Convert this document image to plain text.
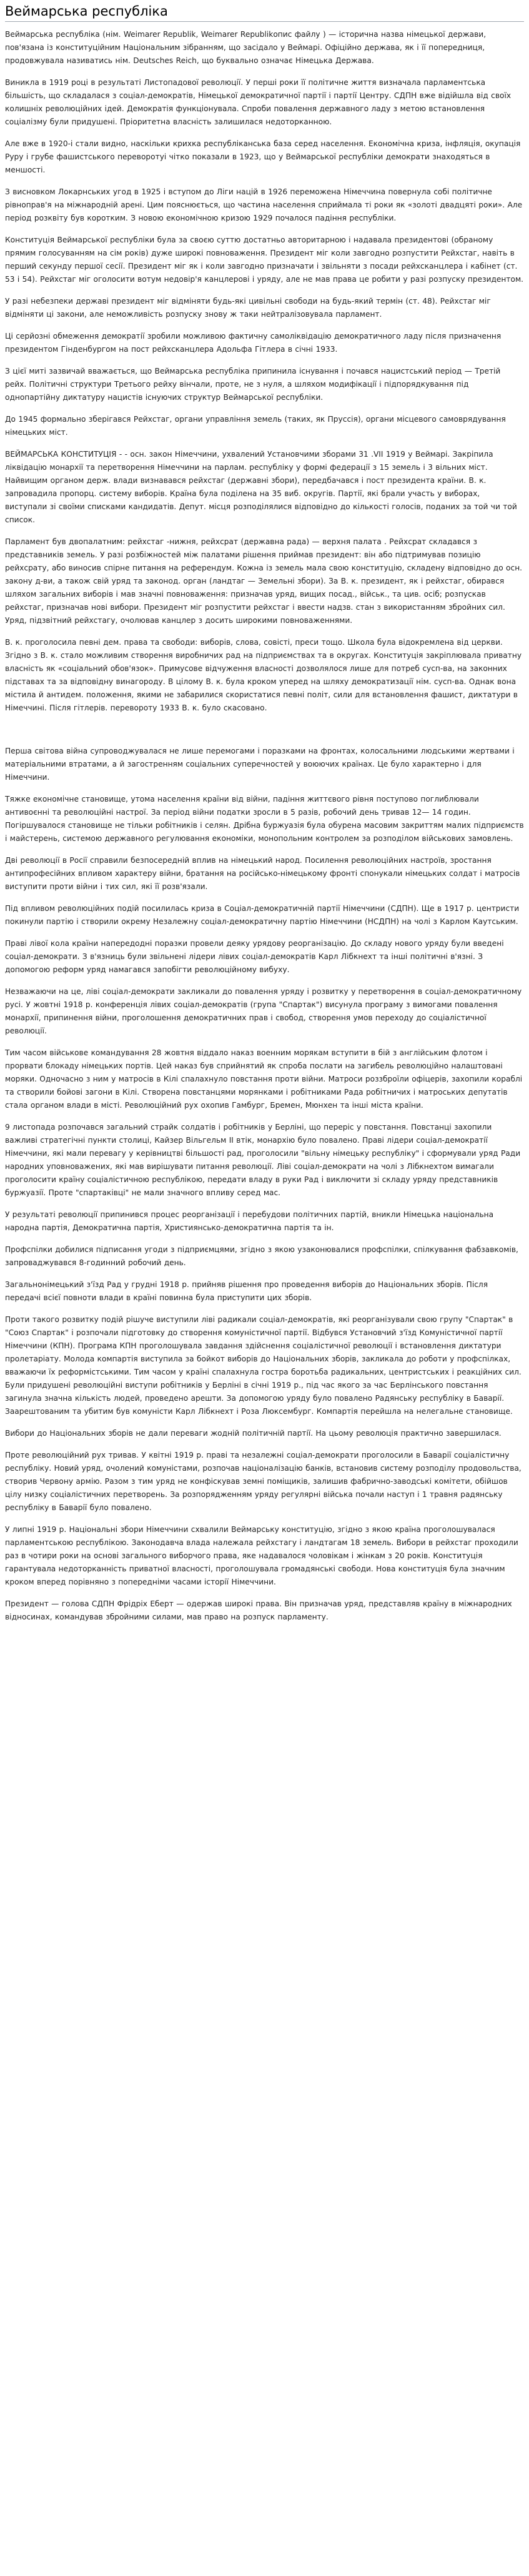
Веймарська республіка

Веймарська республіка (нім. Weimarer Republik, Weimarer Republikопис файлу ) — історична назва німецької держави, пов'язана із конституційним Національним зібранням, що засідало у Веймарі. Офіційно держава, як і її попередниця, продовжувала називатись нім. Deutsches Reich, що буквально означає Німецька Держава.

Виникла в 1919 році в результаті Листопадової революції. У перші роки її політичне життя визначала парламентська більшість, що складалася з соціал-демократів, Німецької демократичної партії і партії Центру. СДПН вже відійшла від своїх колишніх революційних ідей. Демократія функціонувала. Спроби повалення державного ладу з метою встановлення соціалізму були придушені. Пріоритетна власність залишилася недоторканною.

Але вже в 1920-і стали видно, наскільки крихка республіканська база серед населення. Економічна криза, інфляція, окупація Руру і грубе фашистського переворотуі чітко показали в 1923, що у Веймарської республіки демократи знаходяться в меншості.

З висновком Локарнських угод в 1925 і вступом до Ліги націй в 1926 переможена Німеччина повернула собі політичне рівноправ'я на міжнародній арені. Цим пояснюється, що частина населення сприймала ті роки як «золоті двадцяті роки». Але період розквіту був коротким. З новою економічною кризою 1929 почалося падіння республіки.

Конституція Веймарської республіки була за своєю суттю достатньо авторитарною і надавала президентові (обраному прямим голосуванням на сім років) дуже широкі повноваження. Президент міг коли завгодно розпустити Рейхстаг, навіть в перший секунду першої сесії. Президент міг як і коли завгодно призначати і звільняти з посади рейхсканцлера і кабінет (ст. 53 і 54). Рейхстаг міг оголосити вотум недовір'я канцлерові і уряду, але не мав права це робити у разі розпуску президентом.

У разі небезпеки державі президент міг відміняти будь-які цивільні свободи на будь-який термін (ст. 48). Рейхстаг міг відміняти ці закони, але неможливість розпуску знову ж таки нейтралізовувала парламент.

Ці серйозні обмеження демократії зробили можливою фактичну самоліквідацію демократичного ладу після призначення президентом Гінденбургом на пост рейхсканцлера Адольфа Гітлера в січні 1933.

З цієї миті зазвичай вважається, що Веймарська республіка припинила існування і почався нацистський період — Третій рейх. Політичні структури Третього рейху вінчали, проте, не з нуля, а шляхом модифікації і підпорядкування під однопартійну диктатуру нацистів існуючих структур Веймарської республіки.

До 1945 формально зберігався Рейхстаг, органи управління земель (таких, як Пруссія), органи місцевого самоврядування німецьких міст.

ВЕЙМАРСЬКА КОНСТИТУЦІЯ - - осн. закон Німеччини, ухвалений Установчими зборами 31 .VII 1919 у Веймарі. Закріпила ліквідацію монархії та перетворення Німеччини на парлам. республіку у формі федерації з 15 земель і 3 вільних міст. Найвищим органом держ. влади визнавався рейхстаг (державні збори), передбачався і пост президента країни. В. к. запровадила пропорц. систему виборів. Країна була поділена на 35 виб. округів. Партії, які брали участь у виборах, виступали зі своїми списками кандидатів. Депут. місця розподілялися відповідно до кількості голосів, поданих за той чи той список.

Парламент був двопалатним: рейхстаг -нижня, рейхсрат (державна рада) — верхня палата . Рейхсрат складався з представників земель. У разі розбіжностей між палатами рішення приймав президент: він або підтримував позицію рейхсрату, або виносив спірне питання на референдум. Кожна із земель мала свою конституцію, складену відповідно до осн. закону д-ви, а також свій уряд та законод. орган (ландтаг — Земельні збори). За В. к. президент, як і рейхстаг, обирався шляхом загальних виборів і мав значні повноваження: призначав уряд, вищих посад., військ., та цив. осіб; розпускав рейхстаг, призначав нові вибори. Президент міг розпустити рейхстаг і ввести надзв. стан з використанням збройних сил. Уряд, підзвітний рейхстагу, очолював канцлер з досить широкими повноваженнями.

В. к. проголосила певні дем. права та свободи: виборів, слова, совісті, преси тощо. Школа була відокремлена від церкви. Згідно з В. к. стало можливим створення виробничих рад на підприємствах та в округах. Конституція закріплювала приватну власність як «соціальний обов'язок». Примусове відчуження власності дозволялося лише для потреб сусп-ва, на законних підставах та за відповідну винагороду. В цілому В. к. була кроком уперед на шляху демократизації нім. сусп-ва. Однак вона містила й антидем. положення, якими не забарилися скористатися певні політ, сили для встановлення фашист, диктатури в Німеччині. Після гітлерів. перевороту 1933 В. к. було скасовано.

Перша світова війна супроводжувалася не лише перемогами і поразками на фронтах, колосальними людськими жертвами і матеріальними втратами, а й загостренням соціальних суперечностей у воюючих країнах. Це було характерно і для Німеччини.

Тяжке економічне становище, утома населення країни від війни, падіння життєвого рівня поступово поглиблювали антивоєнні та революційні настрої. За період війни податки зросли в 5 разів, робочий день тривав 12— 14 годин. Погіршувалося становище не тільки робітників і селян. Дрібна буржуазія була обурена масовим закриттям малих підприємств і майстерень, системою державного регулювання економіки, монопольним контролем за розподілом військових замовлень.

Дві революції в Росії справили безпосередній вплив на німецький народ. Посилення революційних настроїв, зростання антипрофесійних впливом характеру війни, братання на російсько-німецькому фронті спонукали німецьких солдат і матросів виступити проти війни і тих сил, які її розв'язали.

Під впливом революційних подій посилилась криза в Соціал-демократичній партії Німеччини (СДПН). Ще в 1917 р. центристи покинули партію і створили окрему Незалежну соціал-демократичну партію Німеччини (НСДПН) на чолі з Карлом Каутським.

Праві лівої кола країни напередодні поразки провели деяку урядову реорганізацію. До складу нового уряду були введені соціал-демократи. З в'язниць були звільнені лідери лівих соціал-демократів Карл Лібкнехт та інші політичні в'язні. З допомогою реформ уряд намагався запобігти революційному вибуху.

Незважаючи на це, ліві соціал-демократи закликали до повалення уряду і розвитку у перетворення в соціал-демократичному русі. У жовтні 1918 р. конференція лівих соціал-демократів (група "Спартак") висунула програму з вимогами повалення монархії, припинення війни, проголошення демократичних прав і свобод, створення умов переходу до соціалістичної революції.

Тим часом військове командування 28 жовтня віддало наказ военним морякам вступити в бій з англійським флотом і прорвати блокаду німецьких портів. Цей наказ був сприйнятий як спроба послати на загибель революційно налаштовані моряки. Одночасно з ним у матросів в Кілі спалахнуло повстання проти війни. Матроси роззброїли офіцерів, захопили кораблі та створили бойові загони в Кілі. Створена повстанцями морянками і робітниками Рада робітничих і матроських депутатів стала органом влади в місті. Революційний рух охопив Гамбург, Бремен, Мюнхен та інші міста країни.

9 листопада розпочався загальний страйк солдатів і робітників у Берліні, що переріс у повстання. Повстанці захопили важливі стратегічні пункти столиці, Кайзер Вільгельм II втік, монархію було повалено. Праві лідери соціал-демократії Німеччини, які мали перевагу у керівництві більшості рад, проголосили "вільну німецьку республіку" і сформували уряд Ради народних уповноважених, які мав вирішувати питання революції. Ліві соціал-демократи на чолі з Лібкнехтом вимагали проголосити країну соціалістичною республікою, передати владу в руки Рад і виключити зі складу уряду представників буржуазії. Проте "спартаківці" не мали значного впливу серед мас.

У результаті революції припинився процес реорганізації і перебудови політичних партій, вникли Німецька національна народна партія, Демократична партія, Християнсько-демократична партія та ін.

Профспілки добилися підписання угоди з підприємцями, згідно з якою узаконювалися профспілки, спілкування фабзавкомів, запроваджувався 8-годинний робочий день.

Загальнонімецький з'їзд Рад у грудні 1918 р. прийняв рішення про проведення виборів до Національних зборів. Після передачі всієї повноти влади в країні повинна була приступити цих зборів.

Проти такого розвитку подій рішуче виступили ліві радикали соціал-демократів, які реорганізували свою групу "Спартак" в "Союз Спартак" і розпочали підготовку до створення комуністичної партії. Відбувся Установчий з'їзд Комуністичної партії Німеччини (КПН). Програма КПН проголошувала завдання здійснення соціалістичної революції і встановлення диктатури пролетаріату. Молода компартія виступила за бойкот виборів до Національних зборів, закликала до роботи у профспілках, вважаючи їх реформістськими. Тим часом у країні спалахнула гостра боротьба радикальних, центристських і реакційних сил. Були придушені революційні виступи робітників у Берліні в січні 1919 р., під час якого за час Берлінського повстання загинула значна кількість людей, проведено арешти. За допомогою уряду було повалено Радянську республіку в Баварії. Заарештованим та убитим був комуністи Карл Лібкнехт і Роза Люксембург. Компартія перейшла на нелегальне становище.

Вибори до Національних зборів не дали переваги жодній політичній партії. На цьому революція практично завершилася.

Проте революційний рух тривав. У квітні 1919 р. праві та незалежні соціал-демократи проголосили в Баварії соціалістичну республіку. Новий уряд, очолений комуністами, розпочав націоналізацію банків, встановив систему розподілу продовольства, створив Червону армію. Разом з тим уряд не конфіскував земні поміщиків, залишив фабрично-заводські комітети, обійшов цілу низку соціалістичних перетворень. За розпорядженням уряду регулярні війська почали наступ і 1 травня радянську республіку в Баварії було повалено.

У липні 1919 р. Національні збори Німеччини схвалили Веймарську конституцію, згідно з якою країна проголошувалася парламентською республікою. Законодавча влада належала рейхстагу і ландтагам 18 земель. Вибори в рейхстаг проходили раз в чотири роки на основі загального виборчого права, яке надавалося чоловікам і жінкам з 20 років. Конституція гарантувала недоторканність приватної власності, проголошувала громадянські свободи. Нова конституція була значним кроком вперед порівняно з попередніми часами історії Німеччини.

Президент — голова СДПН Фрідріх Еберт — одержав широкі права. Він призначав уряд, представляв країну в міжнародних відносинах, командував збройними силами, мав право на розпуск парламенту.
